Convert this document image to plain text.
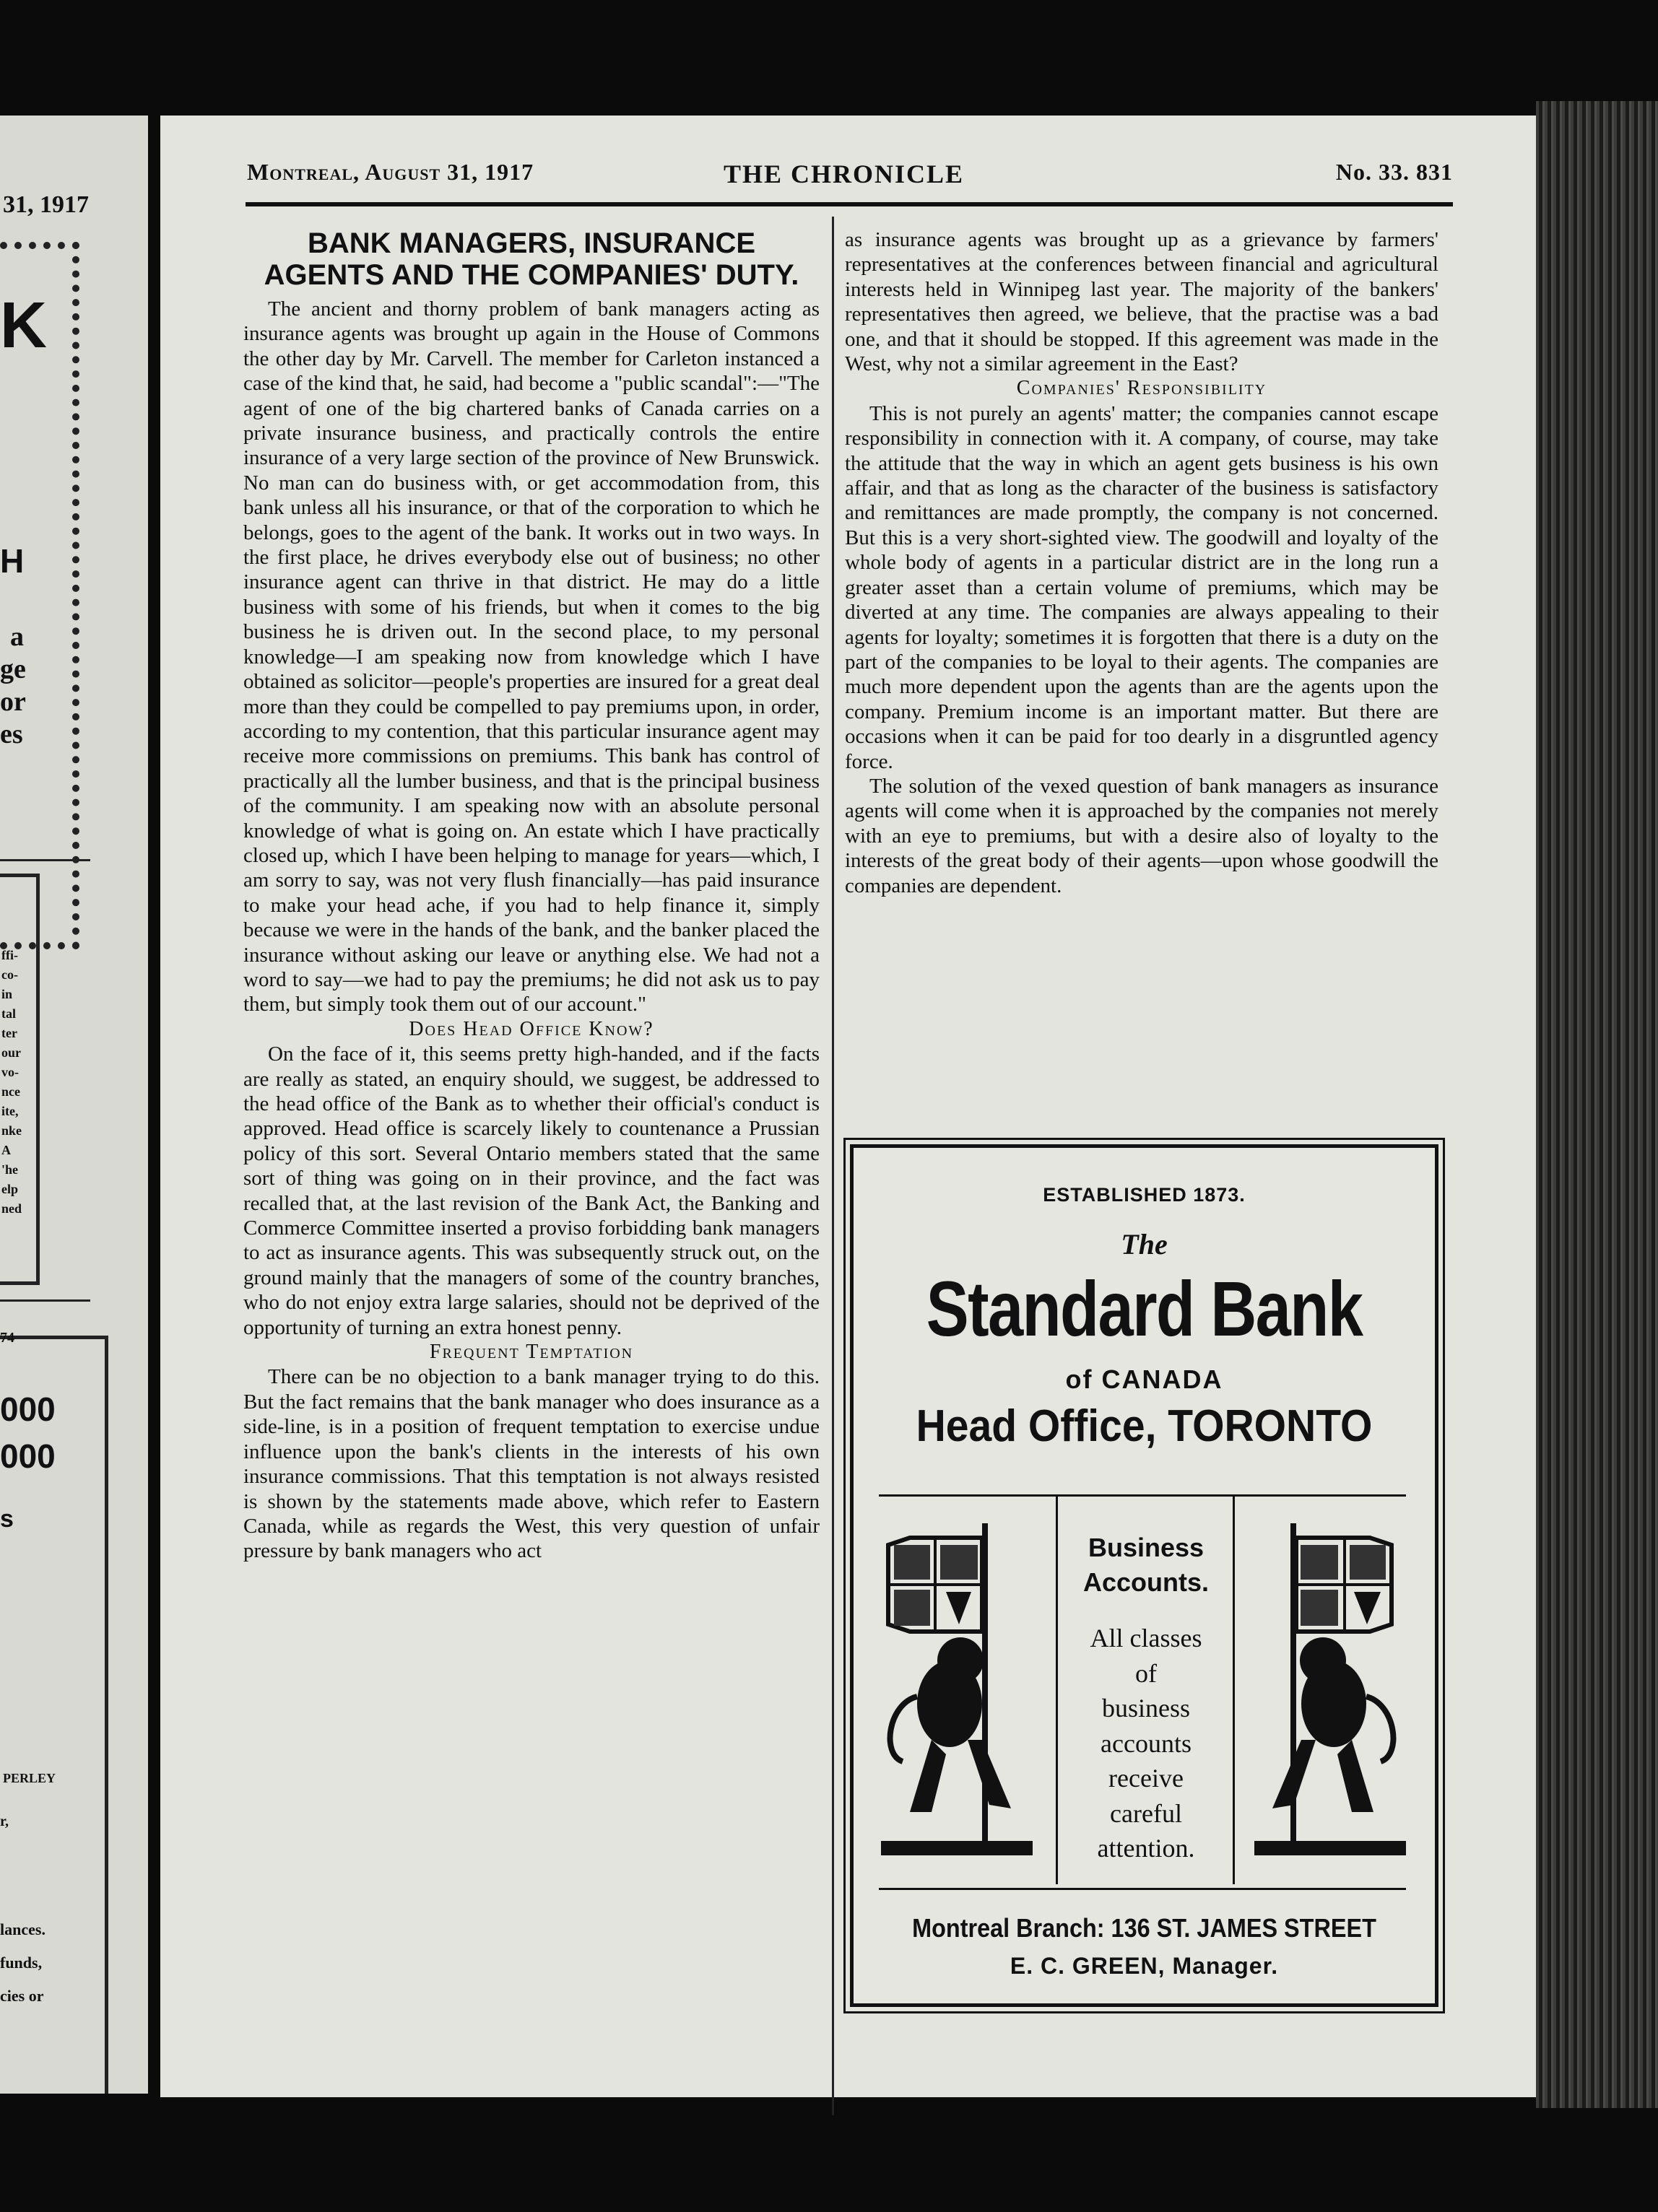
31, 1917
K
H
a
ge
or
es
ffi-
co-
in
tal
ter
our
vo-
nce
ite,
nke
A
'he
elp
ned
74
000
000
s
PERLEY
r,
lances.
funds,
cies or
Montreal, August 31, 1917	THE CHRONICLE	No. 33. 831
BANK MANAGERS, INSURANCE
AGENTS AND THE COMPANIES' DUTY.

The ancient and thorny problem of bank managers acting as insurance agents was brought up again in the House of Commons the other day by Mr. Carvell. The member for Carleton instanced a case of the kind that, he said, had become a "public scandal":—"The agent of one of the big chartered banks of Canada carries on a private insurance business, and practically controls the entire insurance of a very large section of the province of New Brunswick. No man can do business with, or get accommodation from, this bank unless all his insurance, or that of the corporation to which he belongs, goes to the agent of the bank. It works out in two ways. In the first place, he drives everybody else out of business; no other insurance agent can thrive in that district. He may do a little business with some of his friends, but when it comes to the big business he is driven out. In the second place, to my personal knowledge—I am speaking now from knowledge which I have obtained as solicitor—people's properties are insured for a great deal more than they could be compelled to pay premiums upon, in order, according to my contention, that this particular insurance agent may receive more commissions on premiums. This bank has control of practically all the lumber business, and that is the principal business of the community. I am speaking now with an absolute personal knowledge of what is going on. An estate which I have practically closed up, which I have been helping to manage for years—which, I am sorry to say, was not very flush financially—has paid insurance to make your head ache, if you had to help finance it, simply because we were in the hands of the bank, and the banker placed the insurance without asking our leave or anything else. We had not a word to say—we had to pay the premiums; he did not ask us to pay them, but simply took them out of our account."

Does Head Office Know?

On the face of it, this seems pretty high-handed, and if the facts are really as stated, an enquiry should, we suggest, be addressed to the head office of the Bank as to whether their official's conduct is approved. Head office is scarcely likely to countenance a Prussian policy of this sort. Several Ontario members stated that the same sort of thing was going on in their province, and the fact was recalled that, at the last revision of the Bank Act, the Banking and Commerce Committee inserted a proviso forbidding bank managers to act as insurance agents. This was subsequently struck out, on the ground mainly that the managers of some of the country branches, who do not enjoy extra large salaries, should not be deprived of the opportunity of turning an extra honest penny.

Frequent Temptation

There can be no objection to a bank manager trying to do this. But the fact remains that the bank manager who does insurance as a side-line, is in a position of frequent temptation to exercise undue influence upon the bank's clients in the interests of his own insurance commissions. That this temptation is not always resisted is shown by the statements made above, which refer to Eastern Canada, while as regards the West, this very question of unfair pressure by bank managers who act

as insurance agents was brought up as a grievance by farmers' representatives at the conferences between financial and agricultural interests held in Winnipeg last year. The majority of the bankers' representatives then agreed, we believe, that the practise was a bad one, and that it should be stopped. If this agreement was made in the West, why not a similar agreement in the East?

Companies' Responsibility

This is not purely an agents' matter; the companies cannot escape responsibility in connection with it. A company, of course, may take the attitude that the way in which an agent gets business is his own affair, and that as long as the character of the business is satisfactory and remittances are made promptly, the company is not concerned. But this is a very short-sighted view. The goodwill and loyalty of the whole body of agents in a particular district are in the long run a greater asset than a certain volume of premiums, which may be diverted at any time. The companies are always appealing to their agents for loyalty; sometimes it is forgotten that there is a duty on the part of the companies to be loyal to their agents. The companies are much more dependent upon the agents than are the agents upon the company. Premium income is an important matter. But there are occasions when it can be paid for too dearly in a disgruntled agency force.

The solution of the vexed question of bank managers as insurance agents will come when it is approached by the companies not merely with an eye to premiums, but with a desire also of loyalty to the interests of the great body of their agents—upon whose goodwill the companies are dependent.

ESTABLISHED 1873.
The
Standard Bank
of CANADA
Head Office, TORONTO
Business
Accounts.
All classes
of
business
accounts
receive
careful
attention.
Montreal Branch: 136 ST. JAMES STREET
E. C. GREEN, Manager.
